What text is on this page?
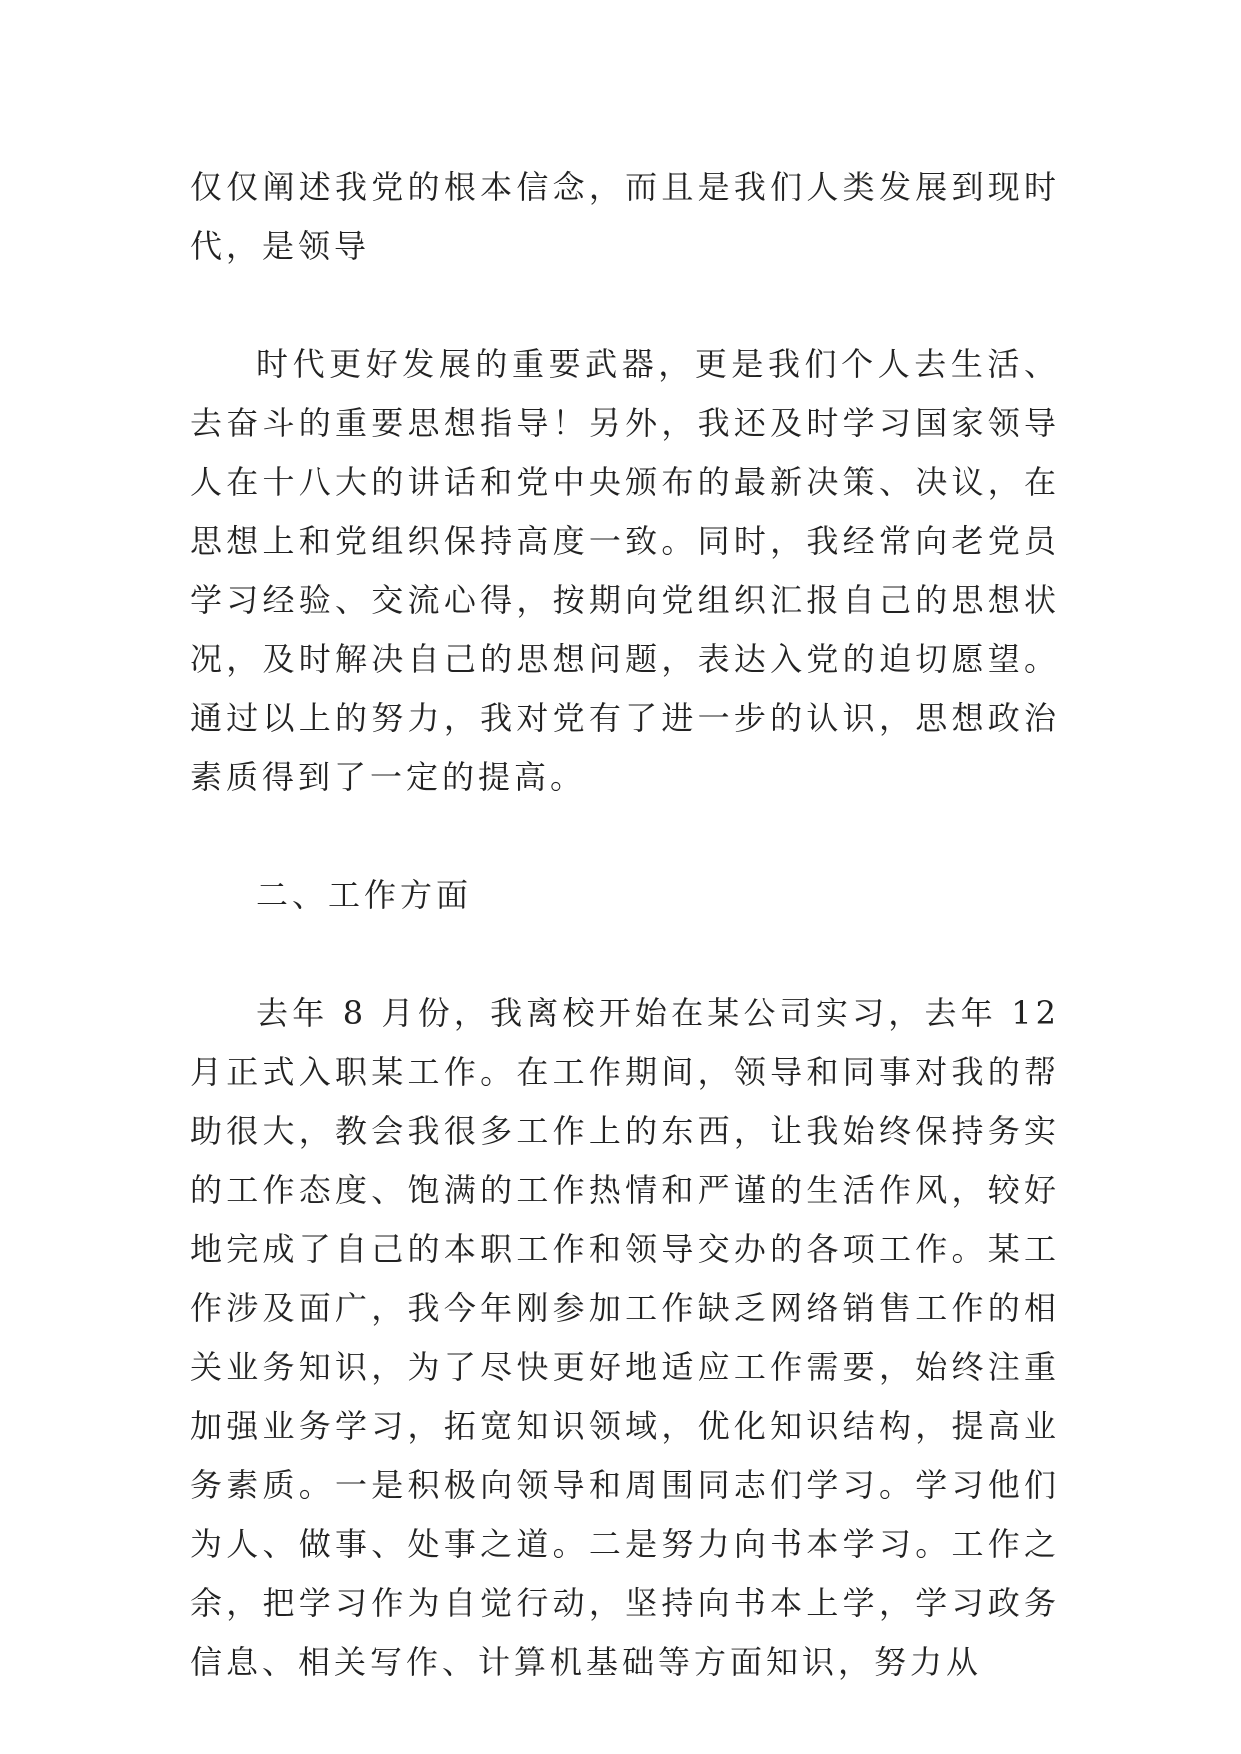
仅仅阐述我党的根本信念，而且是我们人类发展到现时代，是领导

时代更好发展的重要武器，更是我们个人去生活、去奋斗的重要思想指导！另外，我还及时学习国家领导人在十八大的讲话和党中央颁布的最新决策、决议，在思想上和党组织保持高度一致。同时，我经常向老党员学习经验、交流心得，按期向党组织汇报自己的思想状况，及时解决自己的思想问题，表达入党的迫切愿望。通过以上的努力，我对党有了进一步的认识，思想政治素质得到了一定的提高。

二、工作方面

去年 8 月份，我离校开始在某公司实习，去年 12 月正式入职某工作。在工作期间，领导和同事对我的帮助很大，教会我很多工作上的东西，让我始终保持务实的工作态度、饱满的工作热情和严谨的生活作风，较好地完成了自己的本职工作和领导交办的各项工作。某工作涉及面广，我今年刚参加工作缺乏网络销售工作的相关业务知识，为了尽快更好地适应工作需要，始终注重加强业务学习，拓宽知识领域，优化知识结构，提高业务素质。一是积极向领导和周围同志们学习。学习他们为人、做事、处事之道。二是努力向书本学习。工作之余，把学习作为自觉行动，坚持向书本上学，学习政务信息、相关写作、计算机基础等方面知识，努力从
